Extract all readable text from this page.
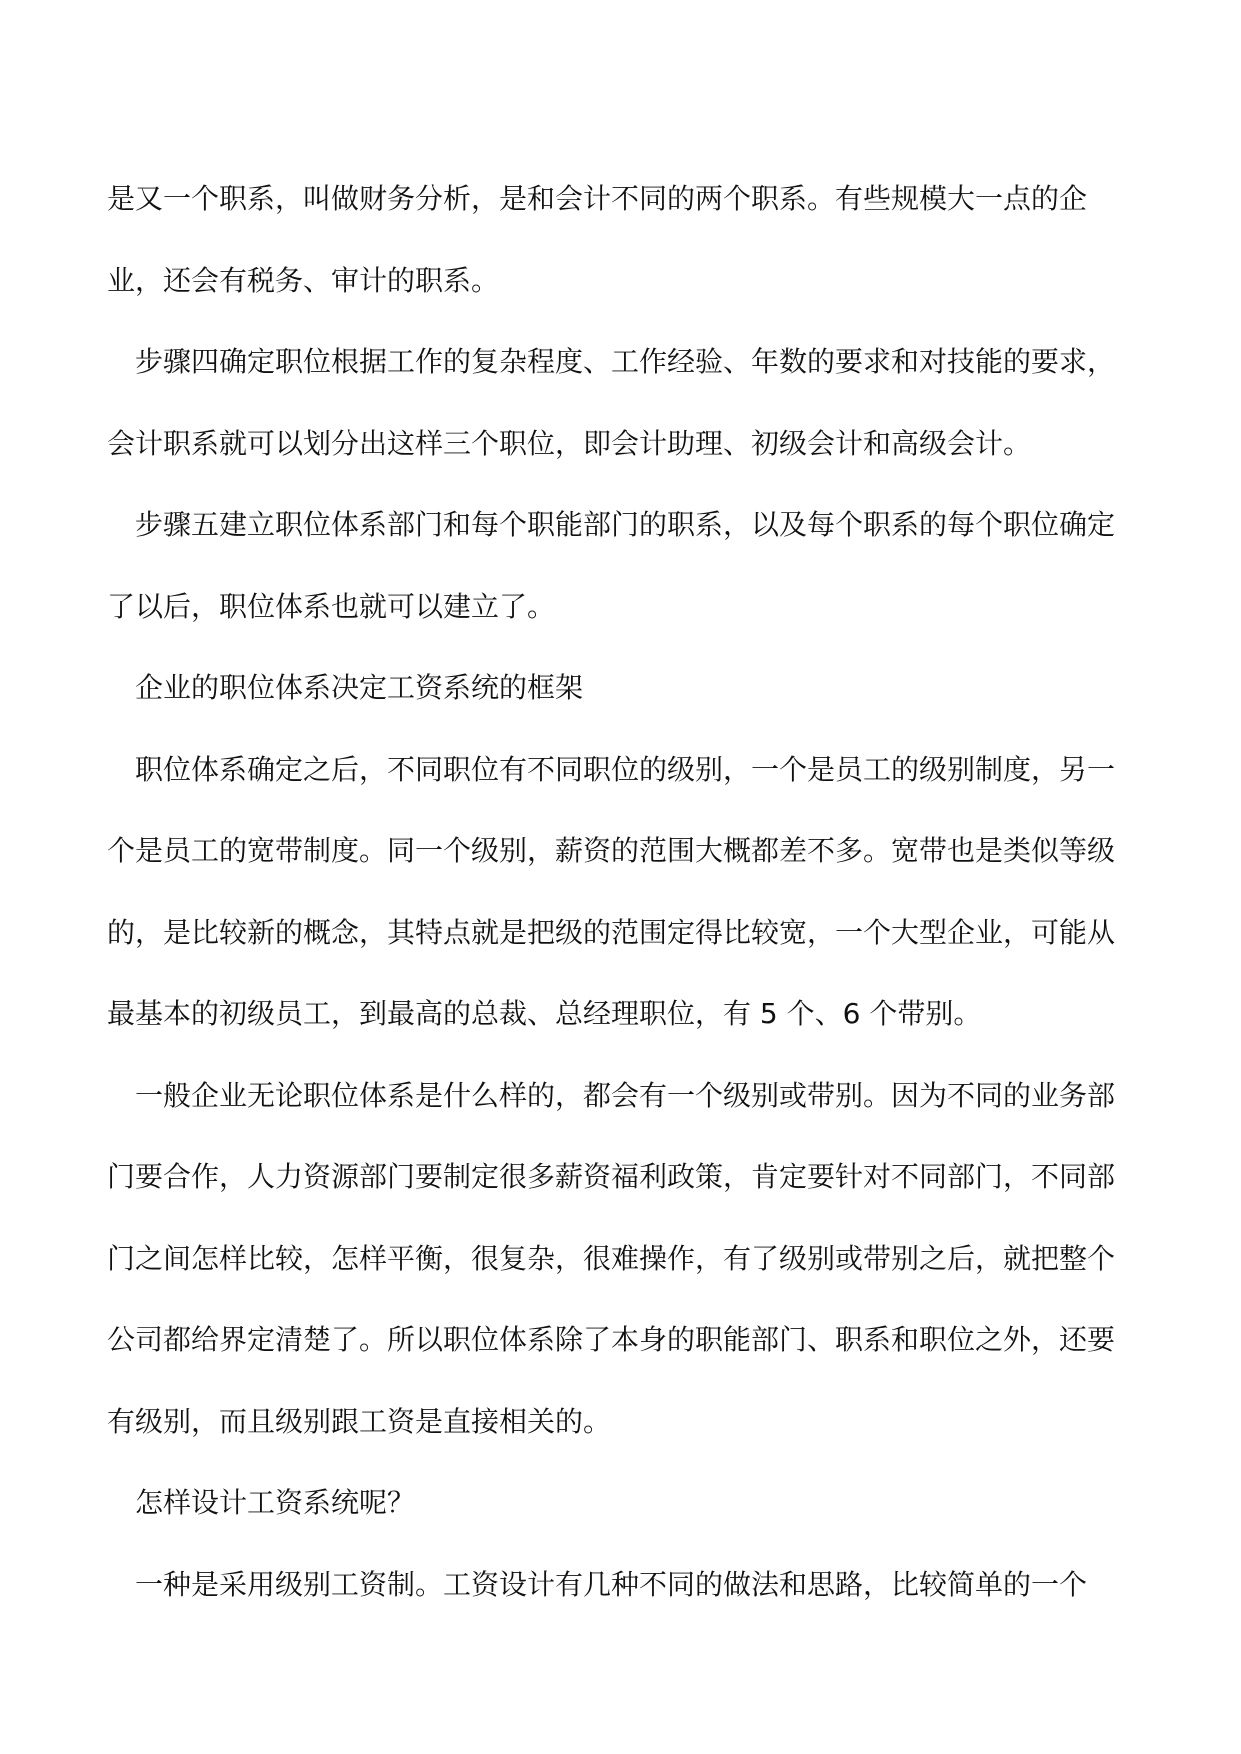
是又一个职系，叫做财务分析，是和会计不同的两个职系。有些规模大一点的企业，还会有税务、审计的职系。

　步骤四确定职位根据工作的复杂程度、工作经验、年数的要求和对技能的要求，会计职系就可以划分出这样三个职位，即会计助理、初级会计和高级会计。

　步骤五建立职位体系部门和每个职能部门的职系，以及每个职系的每个职位确定了以后，职位体系也就可以建立了。

　企业的职位体系决定工资系统的框架

　职位体系确定之后，不同职位有不同职位的级别，一个是员工的级别制度，另一个是员工的宽带制度。同一个级别，薪资的范围大概都差不多。宽带也是类似等级的，是比较新的概念，其特点就是把级的范围定得比较宽，一个大型企业，可能从最基本的初级员工，到最高的总裁、总经理职位，有 5 个、6 个带别。

　一般企业无论职位体系是什么样的，都会有一个级别或带别。因为不同的业务部门要合作，人力资源部门要制定很多薪资福利政策，肯定要针对不同部门，不同部门之间怎样比较，怎样平衡，很复杂，很难操作，有了级别或带别之后，就把整个公司都给界定清楚了。所以职位体系除了本身的职能部门、职系和职位之外，还要有级别，而且级别跟工资是直接相关的。

　怎样设计工资系统呢？

　一种是采用级别工资制。工资设计有几种不同的做法和思路，比较简单的一个
